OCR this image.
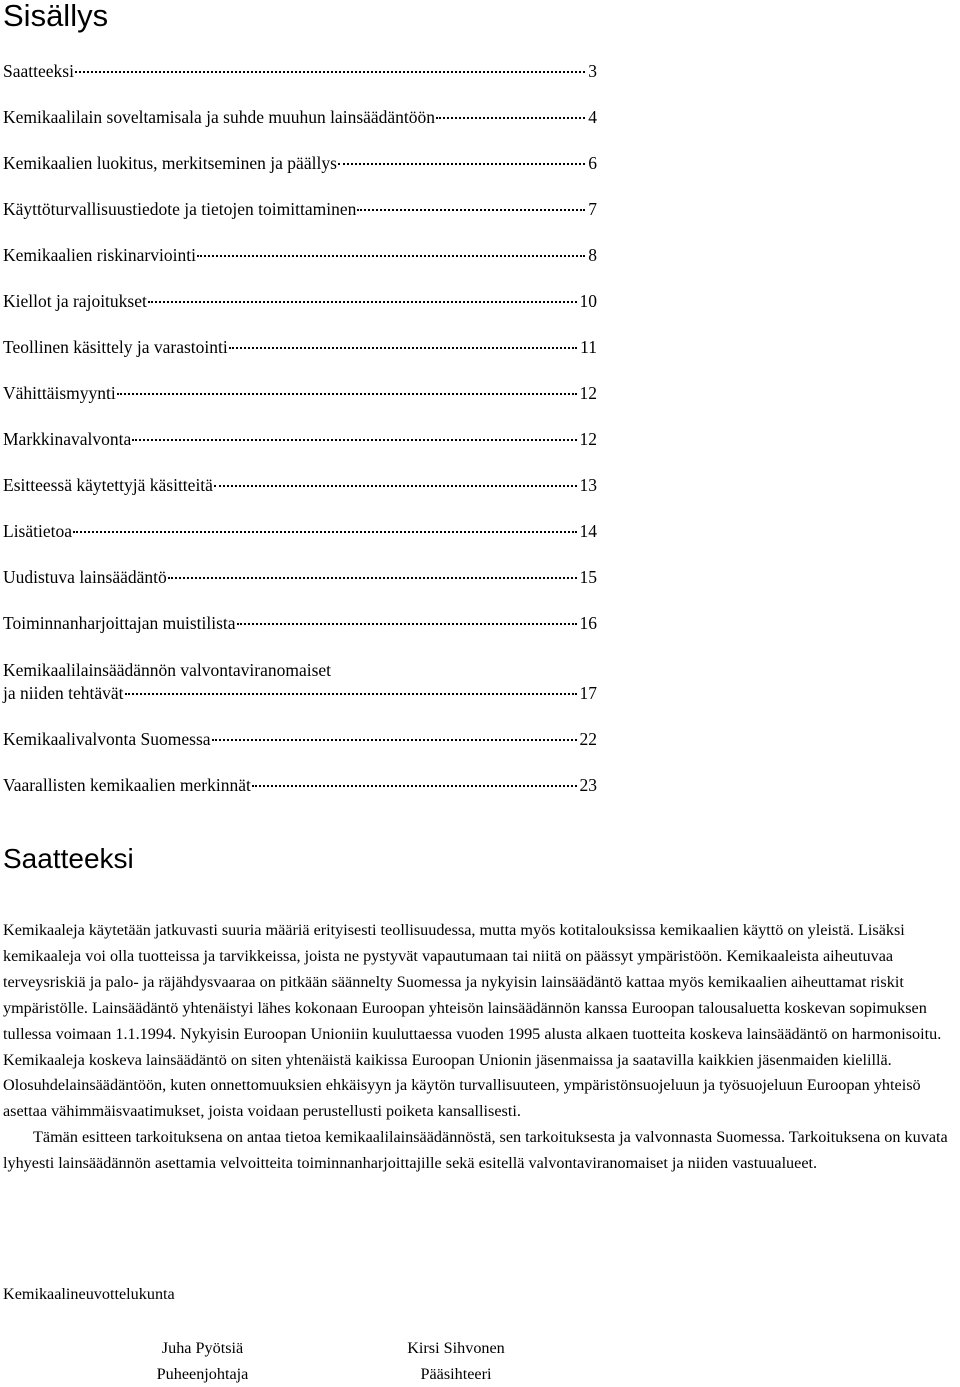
Sisällys
Saatteeksi	3
Kemikaalilain soveltamisala ja suhde muuhun lainsäädäntöön	4
Kemikaalien luokitus, merkitseminen ja päällys	6
Käyttöturvallisuustiedote ja tietojen toimittaminen	7
Kemikaalien riskinarviointi	8
Kiellot ja rajoitukset	10
Teollinen käsittely ja varastointi	11
Vähittäismyynti	12
Markkinavalvonta	12
Esitteessä käytettyjä käsitteitä	13
Lisätietoa	14
Uudistuva lainsäädäntö	15
Toiminnanharjoittajan muistilista	16
Kemikaalilainsäädännön valvontaviranomaiset
ja niiden tehtävät	17
Kemikaalivalvonta Suomessa	22
Vaarallisten kemikaalien merkinnät	23
Saatteeksi

Kemikaaleja käytetään jatkuvasti suuria määriä erityisesti teollisuudessa, mutta myös kotitalouksissa kemikaalien käyttö on yleistä. Lisäksi kemikaaleja voi olla tuotteissa ja tarvikkeissa, joista ne pystyvät vapautumaan tai niitä on päässyt ympäristöön. Kemikaaleista aiheutuvaa terveysriskiä ja palo- ja räjähdysvaaraa on pitkään säännelty Suomessa ja nykyisin lainsäädäntö kattaa myös kemikaalien aiheuttamat riskit ympäristölle. Lainsäädäntö yhtenäistyi lähes kokonaan Euroopan yhteisön lainsäädännön kanssa Euroopan talousaluetta koskevan sopimuksen tullessa voimaan 1.1.1994. Nykyisin Euroopan Unioniin kuuluttaessa vuoden 1995 alusta alkaen tuotteita koskeva lainsäädäntö on harmonisoitu. Kemikaaleja koskeva lainsäädäntö on siten yhtenäistä kaikissa Euroopan Unionin jäsenmaissa ja saatavilla kaikkien jäsenmaiden kielillä. Olosuhdelainsäädäntöön, kuten onnettomuuksien ehkäisyyn ja käytön turvallisuuteen, ympäristönsuojeluun ja työsuojeluun Euroopan yhteisö asettaa vähimmäisvaatimukset, joista voidaan perustellusti poiketa kansallisesti.

Tämän esitteen tarkoituksena on antaa tietoa kemikaalilainsäädännöstä, sen tarkoituksesta ja valvonnasta Suomessa. Tarkoituksena on kuvata lyhyesti lainsäädännön asettamia velvoitteita toiminnanharjoittajille sekä esitellä valvontaviranomaiset ja niiden vastuualueet.

Kemikaalineuvottelukunta
Juha Pyötsiä
Puheenjohtaja
Kirsi Sihvonen
Pääsihteeri
